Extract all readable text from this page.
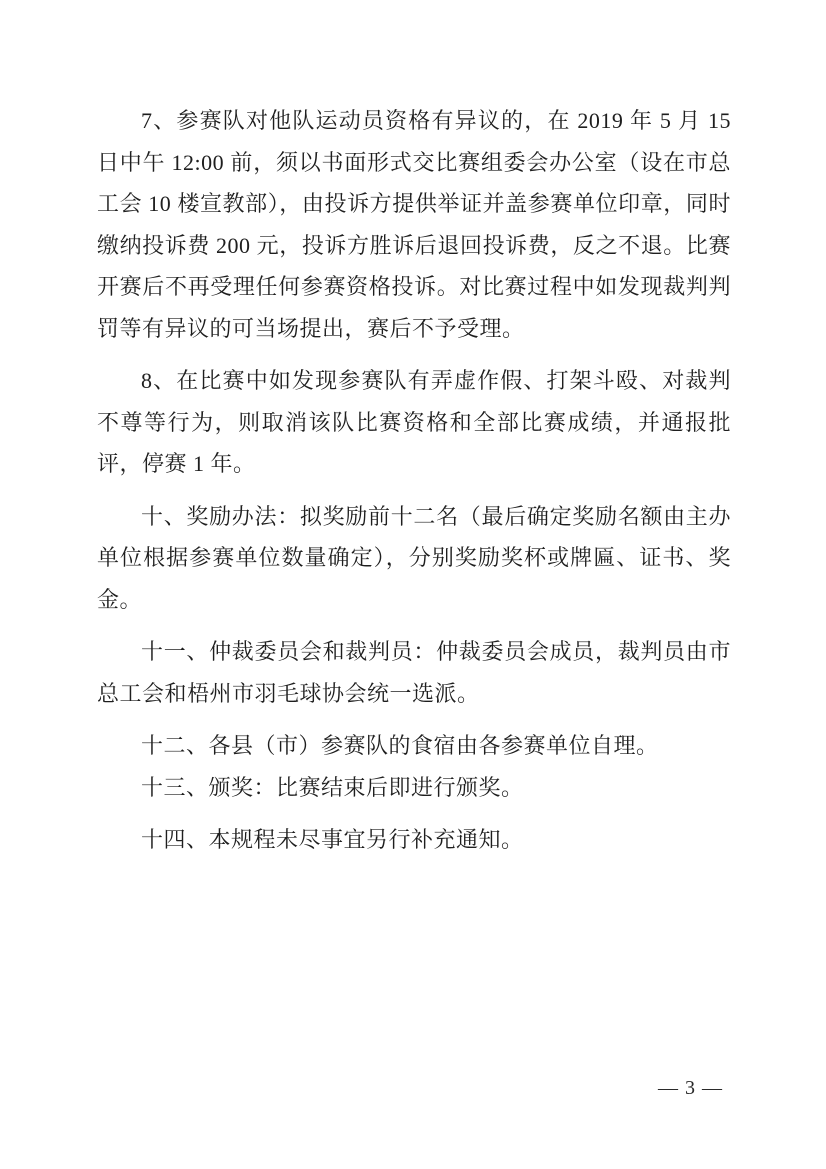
7、参赛队对他队运动员资格有异议的，在 2019 年 5 月 15 日中午 12:00 前，须以书面形式交比赛组委会办公室（设在市总工会 10 楼宣教部），由投诉方提供举证并盖参赛单位印章，同时缴纳投诉费 200 元，投诉方胜诉后退回投诉费，反之不退。比赛开赛后不再受理任何参赛资格投诉。对比赛过程中如发现裁判判罚等有异议的可当场提出，赛后不予受理。

8、在比赛中如发现参赛队有弄虚作假、打架斗殴、对裁判不尊等行为，则取消该队比赛资格和全部比赛成绩，并通报批评，停赛 1 年。

十、奖励办法：拟奖励前十二名（最后确定奖励名额由主办单位根据参赛单位数量确定），分别奖励奖杯或牌匾、证书、奖金。

十一、仲裁委员会和裁判员：仲裁委员会成员，裁判员由市总工会和梧州市羽毛球协会统一选派。

十二、各县（市）参赛队的食宿由各参赛单位自理。

十三、颁奖：比赛结束后即进行颁奖。

十四、本规程未尽事宜另行补充通知。

— 3 —
